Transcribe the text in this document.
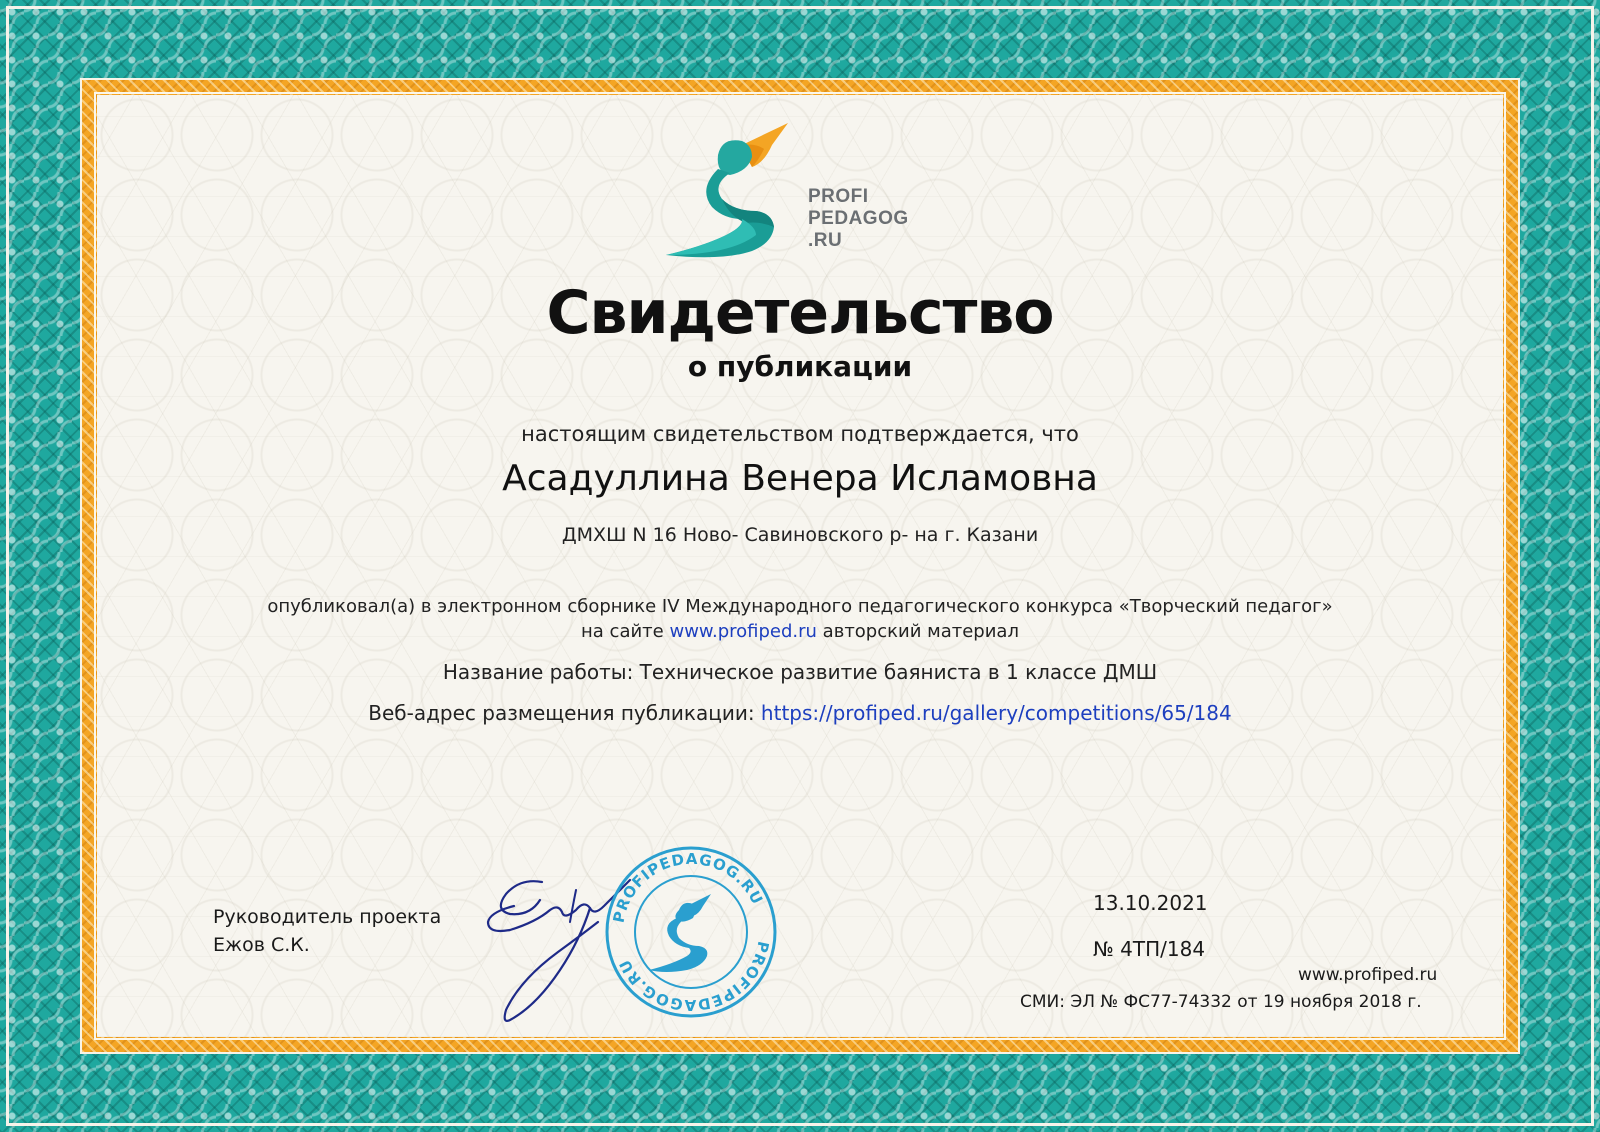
PROFI
PEDAGOG
.RU
Свидетельство
о публикации
настоящим свидетельством подтверждается, что
Асадуллина Венера Исламовна
ДМХШ N 16 Ново- Савиновского р- на г. Казани
опубликовал(а) в электронном сборнике IV Международного педагогического конкурса «Творческий педагог»
на сайте www.profiped.ru авторский материал
Название работы: Техническое развитие баяниста в 1 классе ДМШ
Веб-адрес размещения публикации: https://profiped.ru/gallery/competitions/65/184
Руководитель проекта
Ежов С.К.
PROFIPEDAGOG.RU
PROFIPEDAGOG.RU
13.10.2021
№ 4ТП/184
www.profiped.ru
СМИ: ЭЛ № ФС77-74332 от 19 ноября 2018 г.
